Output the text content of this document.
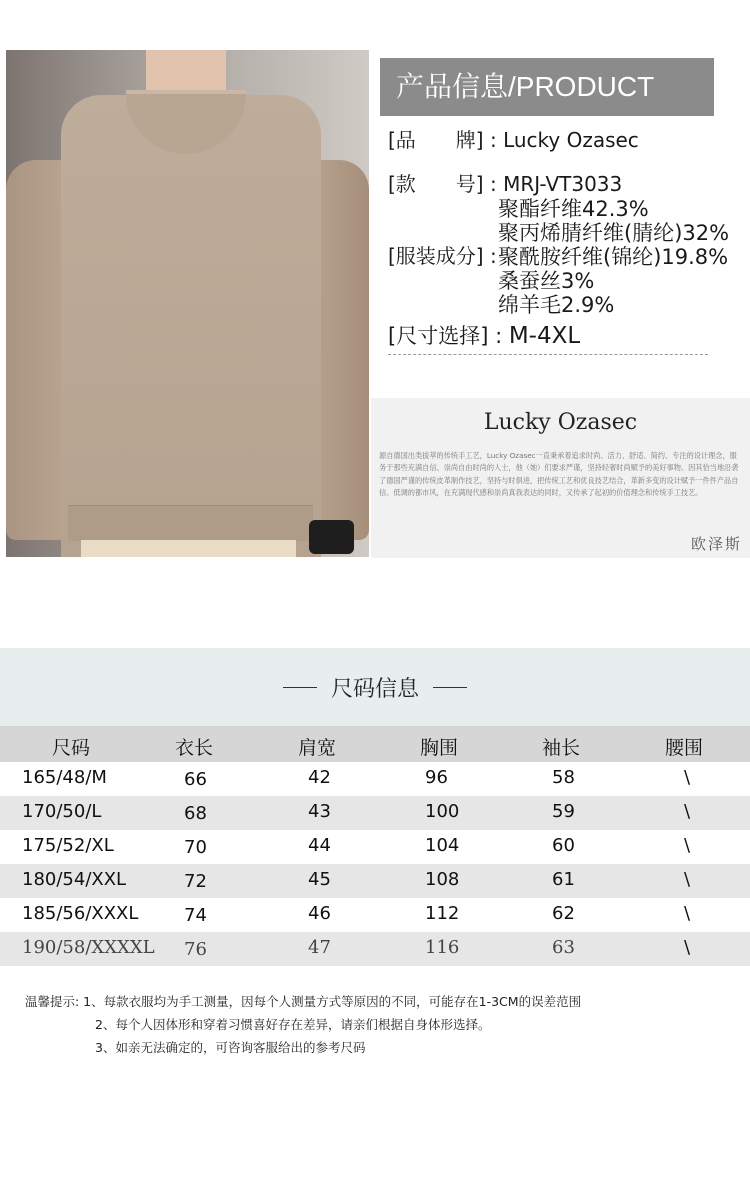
产品信息/PRODUCT
[品　　牌] : Lucky Ozasec
[款　　号] : MRJ-VT3033
[服装成分] :
聚酯纤维42.3%
聚丙烯腈纤维(腈纶)32%
聚酰胺纤维(锦纶)19.8%
桑蚕丝3%
绵羊毛2.9%
[尺寸选择] : M-4XL
Lucky Ozasec
源自德国出类拔萃的传统手工艺，Lucky Ozasec一直秉承着追求时尚、活力、舒适、简约、专注的设计理念，服务于那些充满自信、崇尚自由时尚的人士，他（她）们要求严谨，坚持轻奢时尚赋予的美好事物。因其恰当地沿袭了德国严谨的传统皮革制作技艺，坚持与时俱进，把传统工艺和优良技艺结合，革新多变的设计赋予一件件产品自信、低调的都市风，在充满现代感和崇尚真我表达的同时，又传承了起初的价值理念和传统手工技艺。
欧泽斯
尺码信息
尺码	衣长	肩宽	胸围	袖长	腰围
165/48/M	66	42	96	58	\
170/50/L	68	43	100	59	\
175/52/XL	70	44	104	60	\
180/54/XXL	72	45	108	61	\
185/56/XXXL	74	46	112	62	\
190/58/XXXXL 76	47	116	63	\
温馨提示: 1、每款衣服均为手工测量，因每个人测量方式等原因的不同，可能存在1-3CM的误差范围
2、每个人因体形和穿着习惯喜好存在差异，请亲们根据自身体形选择。
3、如亲无法确定的，可咨询客服给出的参考尺码
